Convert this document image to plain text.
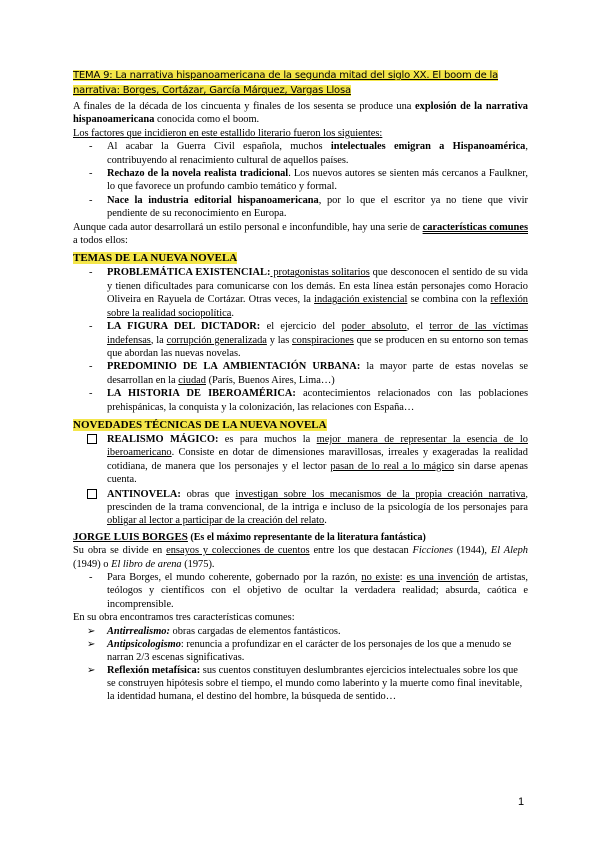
TEMA 9: La narrativa hispanoamericana de la segunda mitad del siglo XX. El boom de la narrativa: Borges, Cortázar, García Márquez, Vargas Llosa

A finales de la década de los cincuenta y finales de los sesenta se produce una explosión de la narrativa hispanoamericana conocida como el boom.

Los factores que incidieron en este estallido literario fueron los siguientes:

- Al acabar la Guerra Civil española, muchos intelectuales emigran a Hispanoamérica, contribuyendo al renacimiento cultural de aquellos países.
- Rechazo de la novela realista tradicional. Los nuevos autores se sienten más cercanos a Faulkner, lo que favorece un profundo cambio temático y formal.
- Nace la industria editorial hispanoamericana, por lo que el escritor ya no tiene que vivir pendiente de su reconocimiento en Europa.

Aunque cada autor desarrollará un estilo personal e inconfundible, hay una serie de características comunes a todos ellos:

TEMAS DE LA NUEVA NOVELA

- PROBLEMÁTICA EXISTENCIAL: protagonistas solitarios que desconocen el sentido de su vida y tienen dificultades para comunicarse con los demás. En esta línea están personajes como Horacio Oliveira en Rayuela de Cortázar. Otras veces, la indagación existencial se combina con la reflexión sobre la realidad sociopolítica.
- LA FIGURA DEL DICTADOR: el ejercicio del poder absoluto, el terror de las víctimas indefensas, la corrupción generalizada y las conspiraciones que se producen en su entorno son temas que abordan las nuevas novelas.
- PREDOMINIO DE LA AMBIENTACIÓN URBANA: la mayor parte de estas novelas se desarrollan en la ciudad (París, Buenos Aires, Lima…)
- LA HISTORIA DE IBEROAMÉRICA: acontecimientos relacionados con las poblaciones prehispánicas, la conquista y la colonización, las relaciones con España…

NOVEDADES TÉCNICAS DE LA NUEVA NOVELA

REALISMO MÁGICO: es para muchos la mejor manera de representar la esencia de lo iberoamericano. Consiste en dotar de dimensiones maravillosas, irreales y exageradas la realidad cotidiana, de manera que los personajes y el lector pasan de lo real a lo mágico sin darse apenas cuenta.
ANTINOVELA: obras que investigan sobre los mecanismos de la propia creación narrativa, prescinden de la trama convencional, de la intriga e incluso de la psicología de los personajes para obligar al lector a participar de la creación del relato.

JORGE LUIS BORGES (Es el máximo representante de la literatura fantástica)

Su obra se divide en ensayos y colecciones de cuentos entre los que destacan Ficciones (1944), El Aleph (1949) o El libro de arena (1975).

- Para Borges, el mundo coherente, gobernado por la razón, no existe: es una invención de artistas, teólogos y científicos con el objetivo de ocultar la verdadera realidad; absurda, caótica e incomprensible.

En su obra encontramos tres características comunes:

➢ Antirrealismo: obras cargadas de elementos fantásticos.
➢ Antipsicologismo: renuncia a profundizar en el carácter de los personajes de los que a menudo se narran 2/3 escenas significativas.
➢ Reflexión metafísica: sus cuentos constituyen deslumbrantes ejercicios intelectuales sobre los que se construyen hipótesis sobre el tiempo, el mundo como laberinto y la muerte como final inevitable, la identidad humana, el destino del hombre, la búsqueda de sentido…
1
